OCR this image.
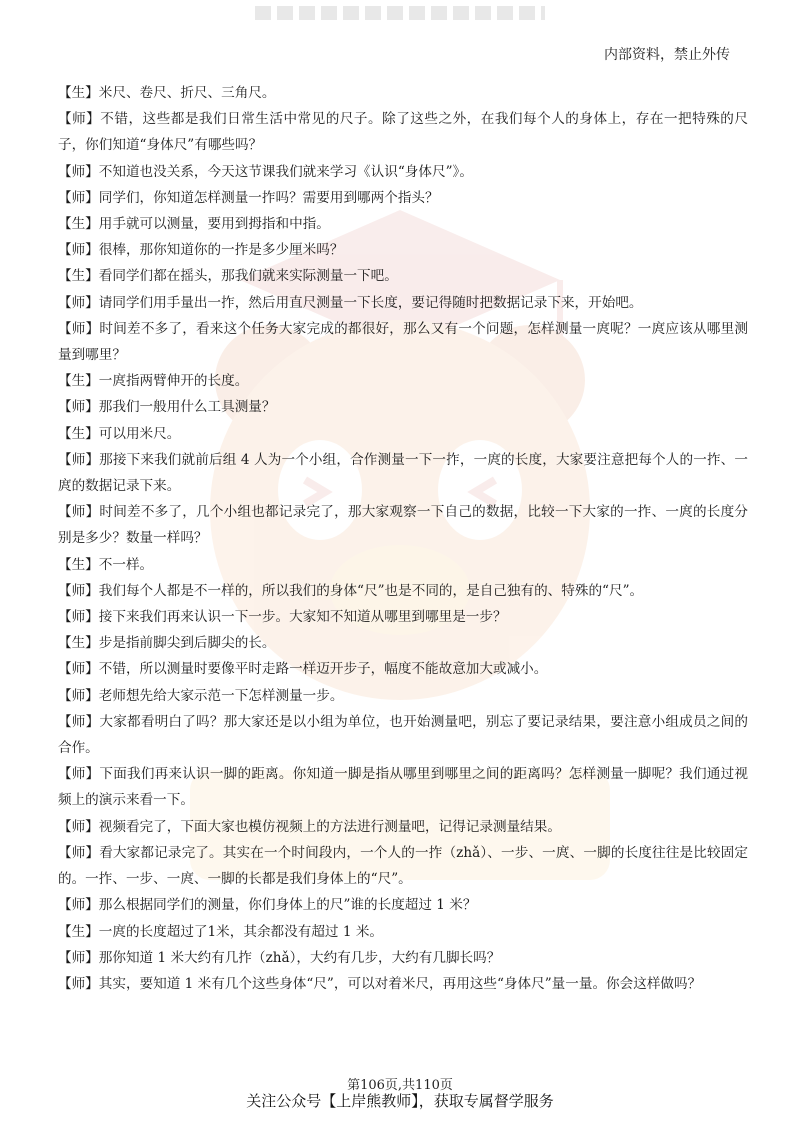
内部资料，禁止外传

【生】米尺、卷尺、折尺、三角尺。

【师】不错，这些都是我们日常生活中常见的尺子。除了这些之外，在我们每个人的身体上，存在一把特殊的尺子，你们知道“身体尺”有哪些吗？

【师】不知道也没关系，今天这节课我们就来学习《认识“身体尺”》。

【师】同学们，你知道怎样测量一拃吗？需要用到哪两个指头？

【生】用手就可以测量，要用到拇指和中指。

【师】很棒，那你知道你的一拃是多少厘米吗？

【生】看同学们都在摇头，那我们就来实际测量一下吧。

【师】请同学们用手量出一拃，然后用直尺测量一下长度，要记得随时把数据记录下来，开始吧。

【师】时间差不多了，看来这个任务大家完成的都很好，那么又有一个问题，怎样测量一庹呢？一庹应该从哪里测量到哪里？

【生】一庹指两臂伸开的长度。

【师】那我们一般用什么工具测量？

【生】可以用米尺。

【师】那接下来我们就前后组 4 人为一个小组，合作测量一下一拃，一庹的长度，大家要注意把每个人的一拃、一庹的数据记录下来。

【师】时间差不多了，几个小组也都记录完了，那大家观察一下自己的数据，比较一下大家的一拃、一庹的长度分别是多少？数量一样吗？

【生】不一样。

【师】我们每个人都是不一样的，所以我们的身体“尺”也是不同的，是自己独有的、特殊的“尺”。

【师】接下来我们再来认识一下一步。大家知不知道从哪里到哪里是一步？

【生】步是指前脚尖到后脚尖的长。

【师】不错，所以测量时要像平时走路一样迈开步子，幅度不能故意加大或减小。

【师】老师想先给大家示范一下怎样测量一步。

【师】大家都看明白了吗？那大家还是以小组为单位，也开始测量吧，别忘了要记录结果，要注意小组成员之间的合作。

【师】下面我们再来认识一脚的距离。你知道一脚是指从哪里到哪里之间的距离吗？怎样测量一脚呢？我们通过视频上的演示来看一下。

【师】视频看完了，下面大家也模仿视频上的方法进行测量吧，记得记录测量结果。

【师】看大家都记录完了。其实在一个时间段内，一个人的一拃（zhǎ）、一步、一庹、一脚的长度往往是比较固定的。一拃、一步、一庹、一脚的长都是我们身体上的“尺”。

【师】那么根据同学们的测量，你们身体上的尺”谁的长度超过 1 米？

【生】一庹的长度超过了1米，其余都没有超过 1 米。

【师】那你知道 1 米大约有几拃（zhǎ），大约有几步，大约有几脚长吗？

【师】其实，要知道 1 米有几个这些身体“尺”，可以对着米尺，再用这些“身体尺”量一量。你会这样做吗？

第106页,共110页
关注公众号【上岸熊教师】，获取专属督学服务
